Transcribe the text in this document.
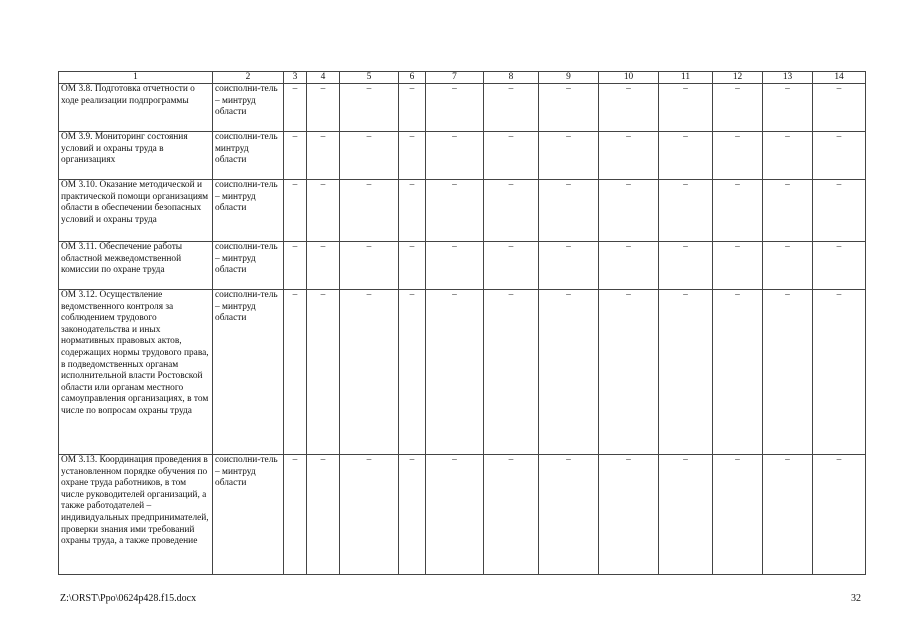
1	2	3	4	5	6	7	8	9	10	11	12	13	14
ОМ 3.8. Подготовка отчетности о ходе реализации подпрограммы	соисполни-тель – минтруд области	–	–	–	–	–	–	–	–	–	–	–	–
ОМ 3.9. Мониторинг состояния условий и охраны труда в организациях	соисполни-тель минтруд области	–	–	–	–	–	–	–	–	–	–	–	–
ОМ 3.10. Оказание методической и практической помощи организациям области в обеспечении безопасных условий и охраны труда	соисполни-тель – минтруд области	–	–	–	–	–	–	–	–	–	–	–	–
ОМ 3.11. Обеспечение работы областной межведомственной комиссии по охране труда	соисполни-тель – минтруд области	–	–	–	–	–	–	–	–	–	–	–	–
ОМ 3.12. Осуществление ведомственного контроля за соблюдением трудового законодательства и иных нормативных правовых актов, содержащих нормы трудового права, в подведомственных органам исполнительной власти Ростовской области или органам местного самоуправления организациях, в том числе по вопросам охраны труда	соисполни-тель – минтруд области	–	–	–	–	–	–	–	–	–	–	–	–
ОМ 3.13. Координация проведения в установленном порядке обучения по охране труда работников, в том числе руководителей организаций, а также работодателей – индивидуальных предпринимателей, проверки знания ими требований охраны труда, а также проведение	соисполни-тель – минтруд области	–	–	–	–	–	–	–	–	–	–	–	–
Z:\ORST\Ppo\0624p428.f15.docx	32
